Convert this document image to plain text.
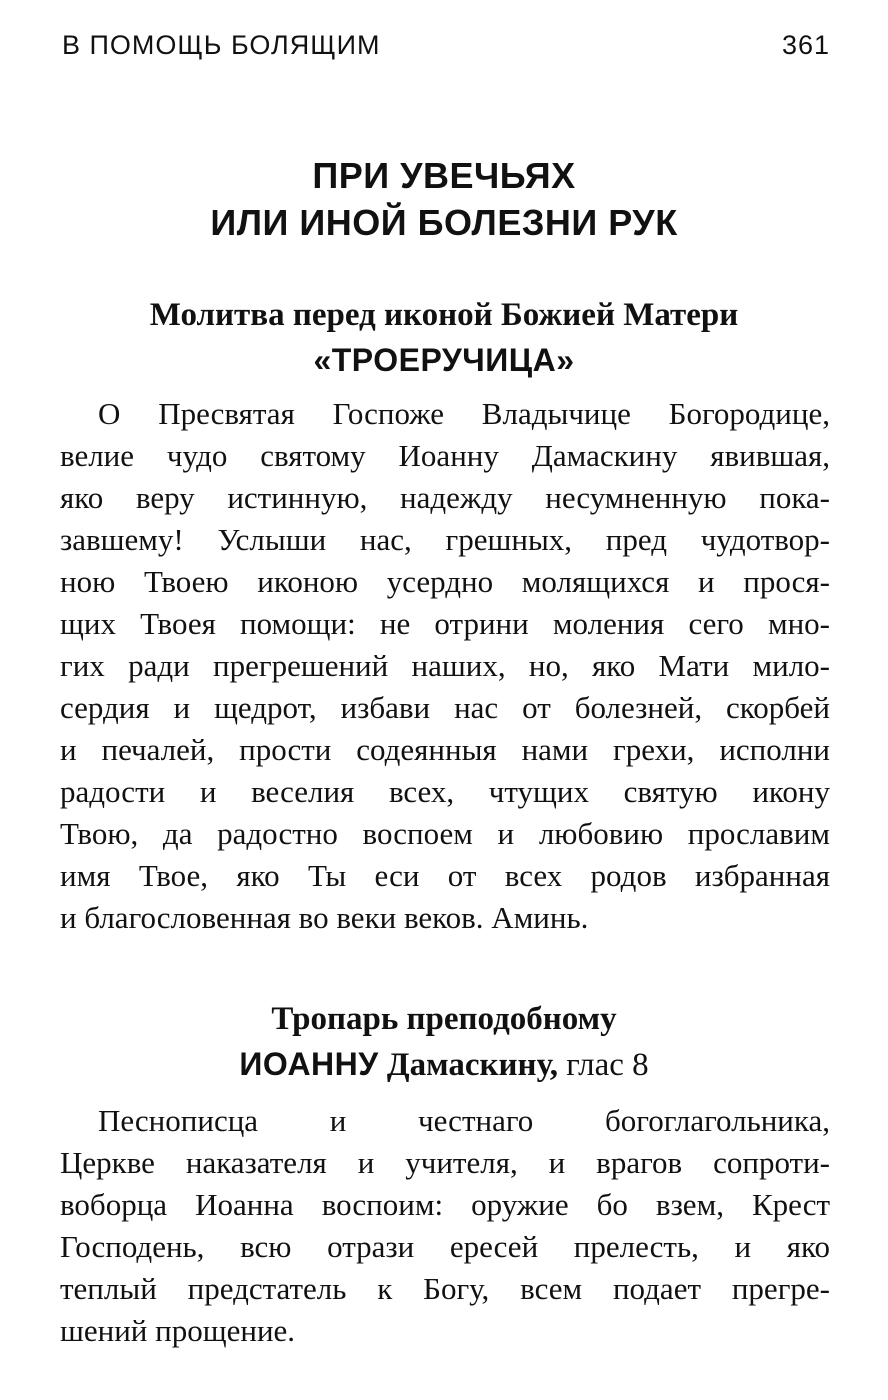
В ПОМОЩЬ БОЛЯЩИМ	361
ПРИ УВЕЧЬЯХ
ИЛИ ИНОЙ БОЛЕЗНИ РУК
Молитва перед иконой Божией Матери
«ТРОЕРУЧИЦА»
О Пресвятая Госпоже Владычице Богородице,
велие чудо святому Иоанну Дамаскину явившая,
яко веру истинную, надежду несумненную пока-
завшему! Услыши нас, грешных, пред чудотвор-
ною Твоею иконою усердно молящихся и прося-
щих Твоея помощи: не отрини моления сего мно-
гих ради прегрешений наших, но, яко Мати мило-
сердия и щедрот, избави нас от болезней, скорбей
и печалей, прости содеянныя нами грехи, исполни
радости и веселия всех, чтущих святую икону
Твою, да радостно воспоем и любовию прославим
имя Твое, яко Ты еси от всех родов избранная
и благословенная во веки веков. Аминь.
Тропарь преподобному
ИОАННУ Дамаскину, глас 8
Песнописца и честнаго богоглагольника,
Церкве наказателя и учителя, и врагов сопроти-
воборца Иоанна воспоим: оружие бо взем, Крест
Господень, всю отрази ересей прелесть, и яко
теплый предстатель к Богу, всем подает прегре-
шений прощение.
